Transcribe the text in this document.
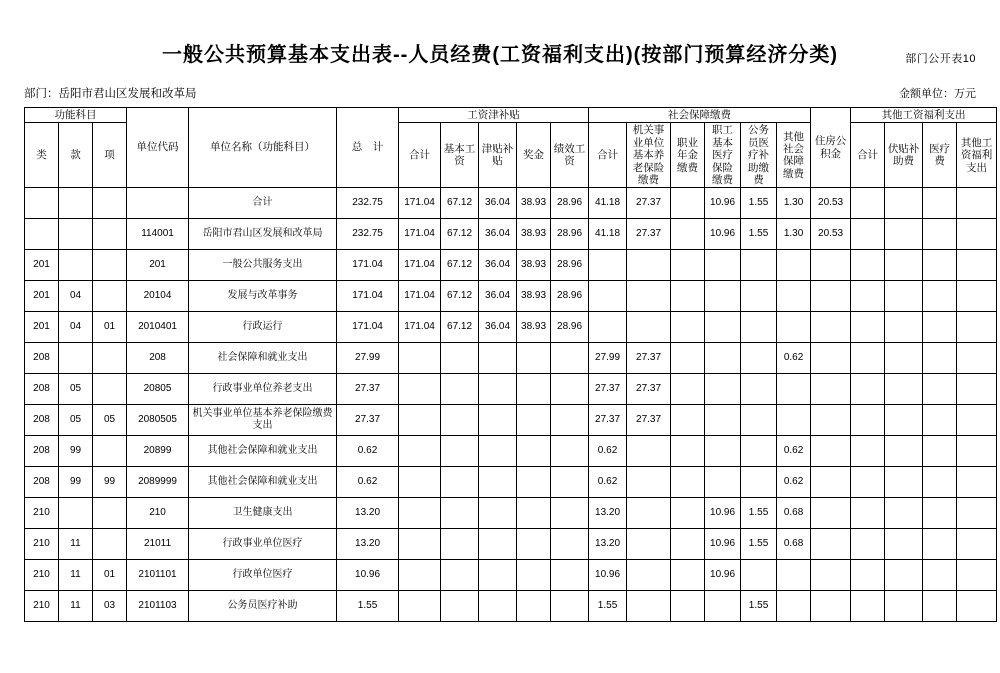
部门公开表10
一般公共预算基本支出表--人员经费(工资福利支出)(按部门预算经济分类)
部门：岳阳市君山区发展和改革局	金额单位：万元
功能科目			单位代码	单位名称（功能科目）	总　计	工资津补贴					社会保障缴费						住房公积金	其他工资福利支出			
类	款	项				合计	基本工资	津贴补贴	奖金	绩效工资	合计	机关事业单位基本养老保险缴费	职业年金缴费	职工基本医疗保险缴费	公务员医疗补助缴费	其他社会保障缴费		合计	伏贴补助费	医疗费	其他工资福利支出
				合计	232.75	171.04	67.12	36.04	38.93	28.96	41.18	27.37		10.96	1.55	1.30	20.53				
			114001	岳阳市君山区发展和改革局	232.75	171.04	67.12	36.04	38.93	28.96	41.18	27.37		10.96	1.55	1.30	20.53				
201			201	一般公共服务支出	171.04	171.04	67.12	36.04	38.93	28.96											
201	04		20104	发展与改革事务	171.04	171.04	67.12	36.04	38.93	28.96											
201	04	01	2010401	行政运行	171.04	171.04	67.12	36.04	38.93	28.96											
208			208	社会保障和就业支出	27.99						27.99	27.37				0.62					
208	05		20805	行政事业单位养老支出	27.37						27.37	27.37									
208	05	05	2080505	机关事业单位基本养老保险缴费支出	27.37						27.37	27.37									
208	99		20899	其他社会保障和就业支出	0.62						0.62					0.62					
208	99	99	2089999	其他社会保障和就业支出	0.62						0.62					0.62					
210			210	卫生健康支出	13.20						13.20			10.96	1.55	0.68					
210	11		21011	行政事业单位医疗	13.20						13.20			10.96	1.55	0.68					
210	11	01	2101101	行政单位医疗	10.96						10.96			10.96							
210	11	03	2101103	公务员医疗补助	1.55						1.55				1.55						
